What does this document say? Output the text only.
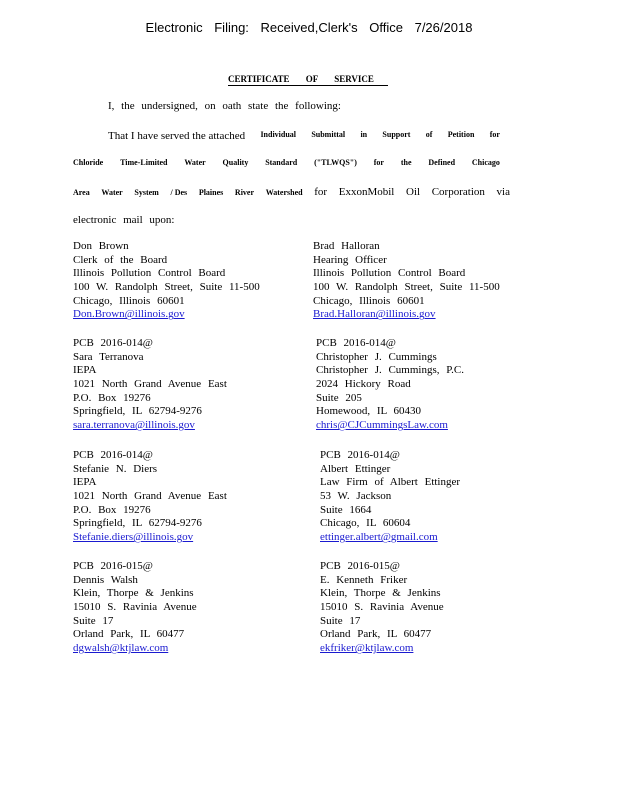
Electronic Filing: Received,Clerk's Office 7/26/2018
CERTIFICATE OF SERVICE
I, the undersigned, on oath state the following:
That I have served the attached Individual Submittal in Support of Petition for
Chloride Time-Limited Water Quality Standard ("TLWQS") for the Defined Chicago
Area Water System / Des Plaines River Watershed for ExxonMobil Oil Corporation via
electronic mail upon:
Don Brown
Clerk of the Board
Illinois Pollution Control Board
100 W. Randolph Street, Suite 11-500
Chicago, Illinois 60601
Don.Brown@illinois.gov
Brad Halloran
Hearing Officer
Illinois Pollution Control Board
100 W. Randolph Street, Suite 11-500
Chicago, Illinois 60601
Brad.Halloran@illinois.gov
PCB 2016-014@
Sara Terranova
IEPA
1021 North Grand Avenue East
P.O. Box 19276
Springfield, IL 62794-9276
sara.terranova@illinois.gov
PCB 2016-014@
Christopher J. Cummings
Christopher J. Cummings, P.C.
2024 Hickory Road
Suite 205
Homewood, IL 60430
chris@CJCummingsLaw.com
PCB 2016-014@
Stefanie N. Diers
IEPA
1021 North Grand Avenue East
P.O. Box 19276
Springfield, IL 62794-9276
Stefanie.diers@illinois.gov
PCB 2016-014@
Albert Ettinger
Law Firm of Albert Ettinger
53 W. Jackson
Suite 1664
Chicago, IL 60604
ettinger.albert@gmail.com
PCB 2016-015@
Dennis Walsh
Klein, Thorpe & Jenkins
15010 S. Ravinia Avenue
Suite 17
Orland Park, IL 60477
dgwalsh@ktjlaw.com
PCB 2016-015@
E. Kenneth Friker
Klein, Thorpe & Jenkins
15010 S. Ravinia Avenue
Suite 17
Orland Park, IL 60477
ekfriker@ktjlaw.com
